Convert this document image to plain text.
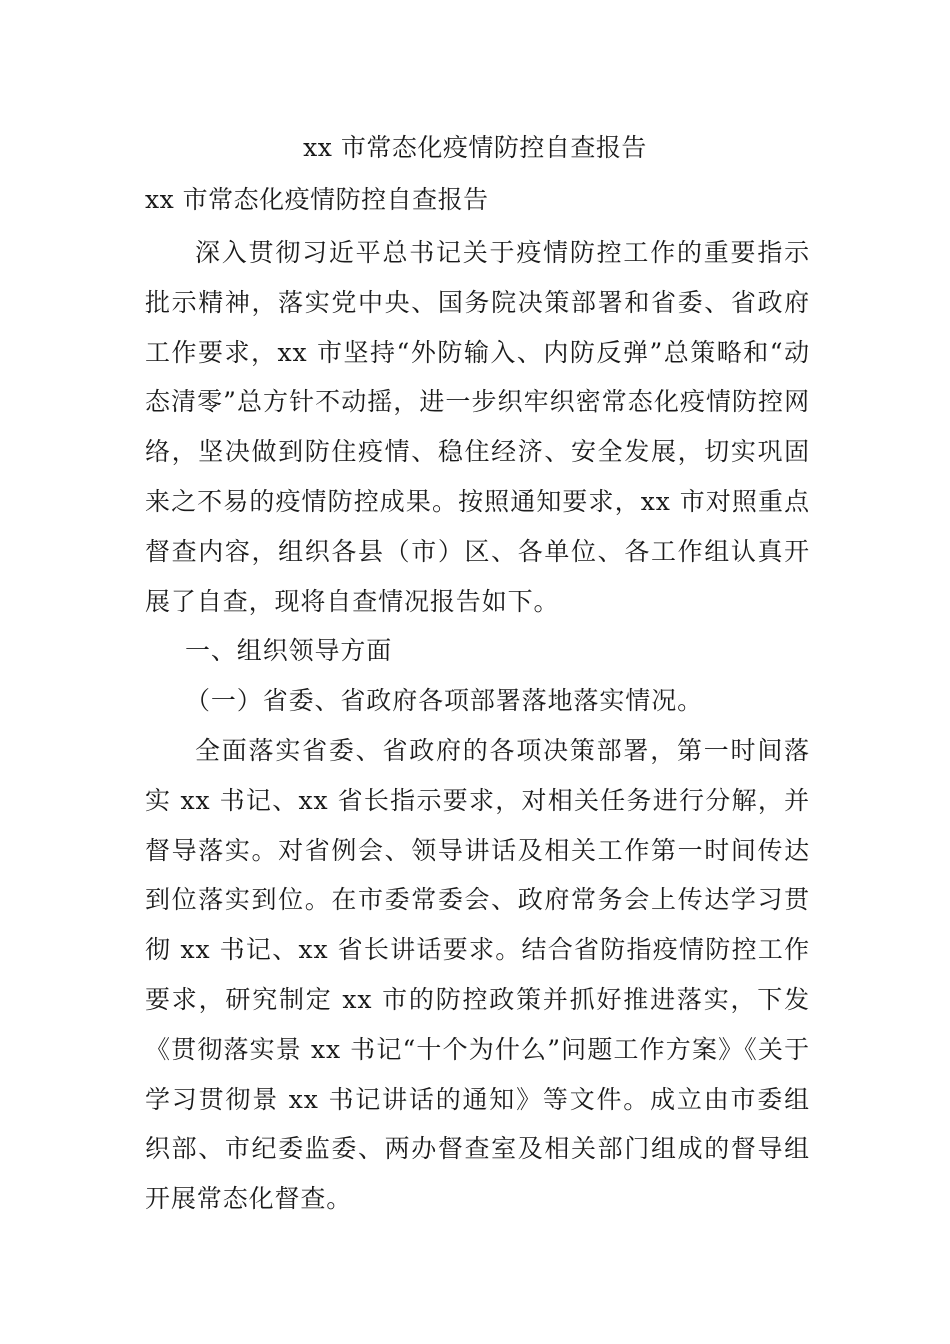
xx 市常态化疫情防控自查报告

xx 市常态化疫情防控自查报告

深入贯彻习近平总书记关于疫情防控工作的重要指示批示精神，落实党中央、国务院决策部署和省委、省政府工作要求，xx 市坚持“外防输入、内防反弹”总策略和“动态清零”总方针不动摇，进一步织牢织密常态化疫情防控网络，坚决做到防住疫情、稳住经济、安全发展，切实巩固来之不易的疫情防控成果。按照通知要求，xx 市对照重点督查内容，组织各县（市）区、各单位、各工作组认真开展了自查，现将自查情况报告如下。

一、组织领导方面

（一）省委、省政府各项部署落地落实情况。

全面落实省委、省政府的各项决策部署，第一时间落实 xx 书记、xx 省长指示要求，对相关任务进行分解，并督导落实。对省例会、领导讲话及相关工作第一时间传达到位落实到位。在市委常委会、政府常务会上传达学习贯彻 xx 书记、xx 省长讲话要求。结合省防指疫情防控工作要求，研究制定 xx 市的防控政策并抓好推进落实，下发《贯彻落实景 xx 书记“十个为什么”问题工作方案》《关于学习贯彻景 xx 书记讲话的通知》等文件。成立由市委组织部、市纪委监委、两办督查室及相关部门组成的督导组开展常态化督查。
